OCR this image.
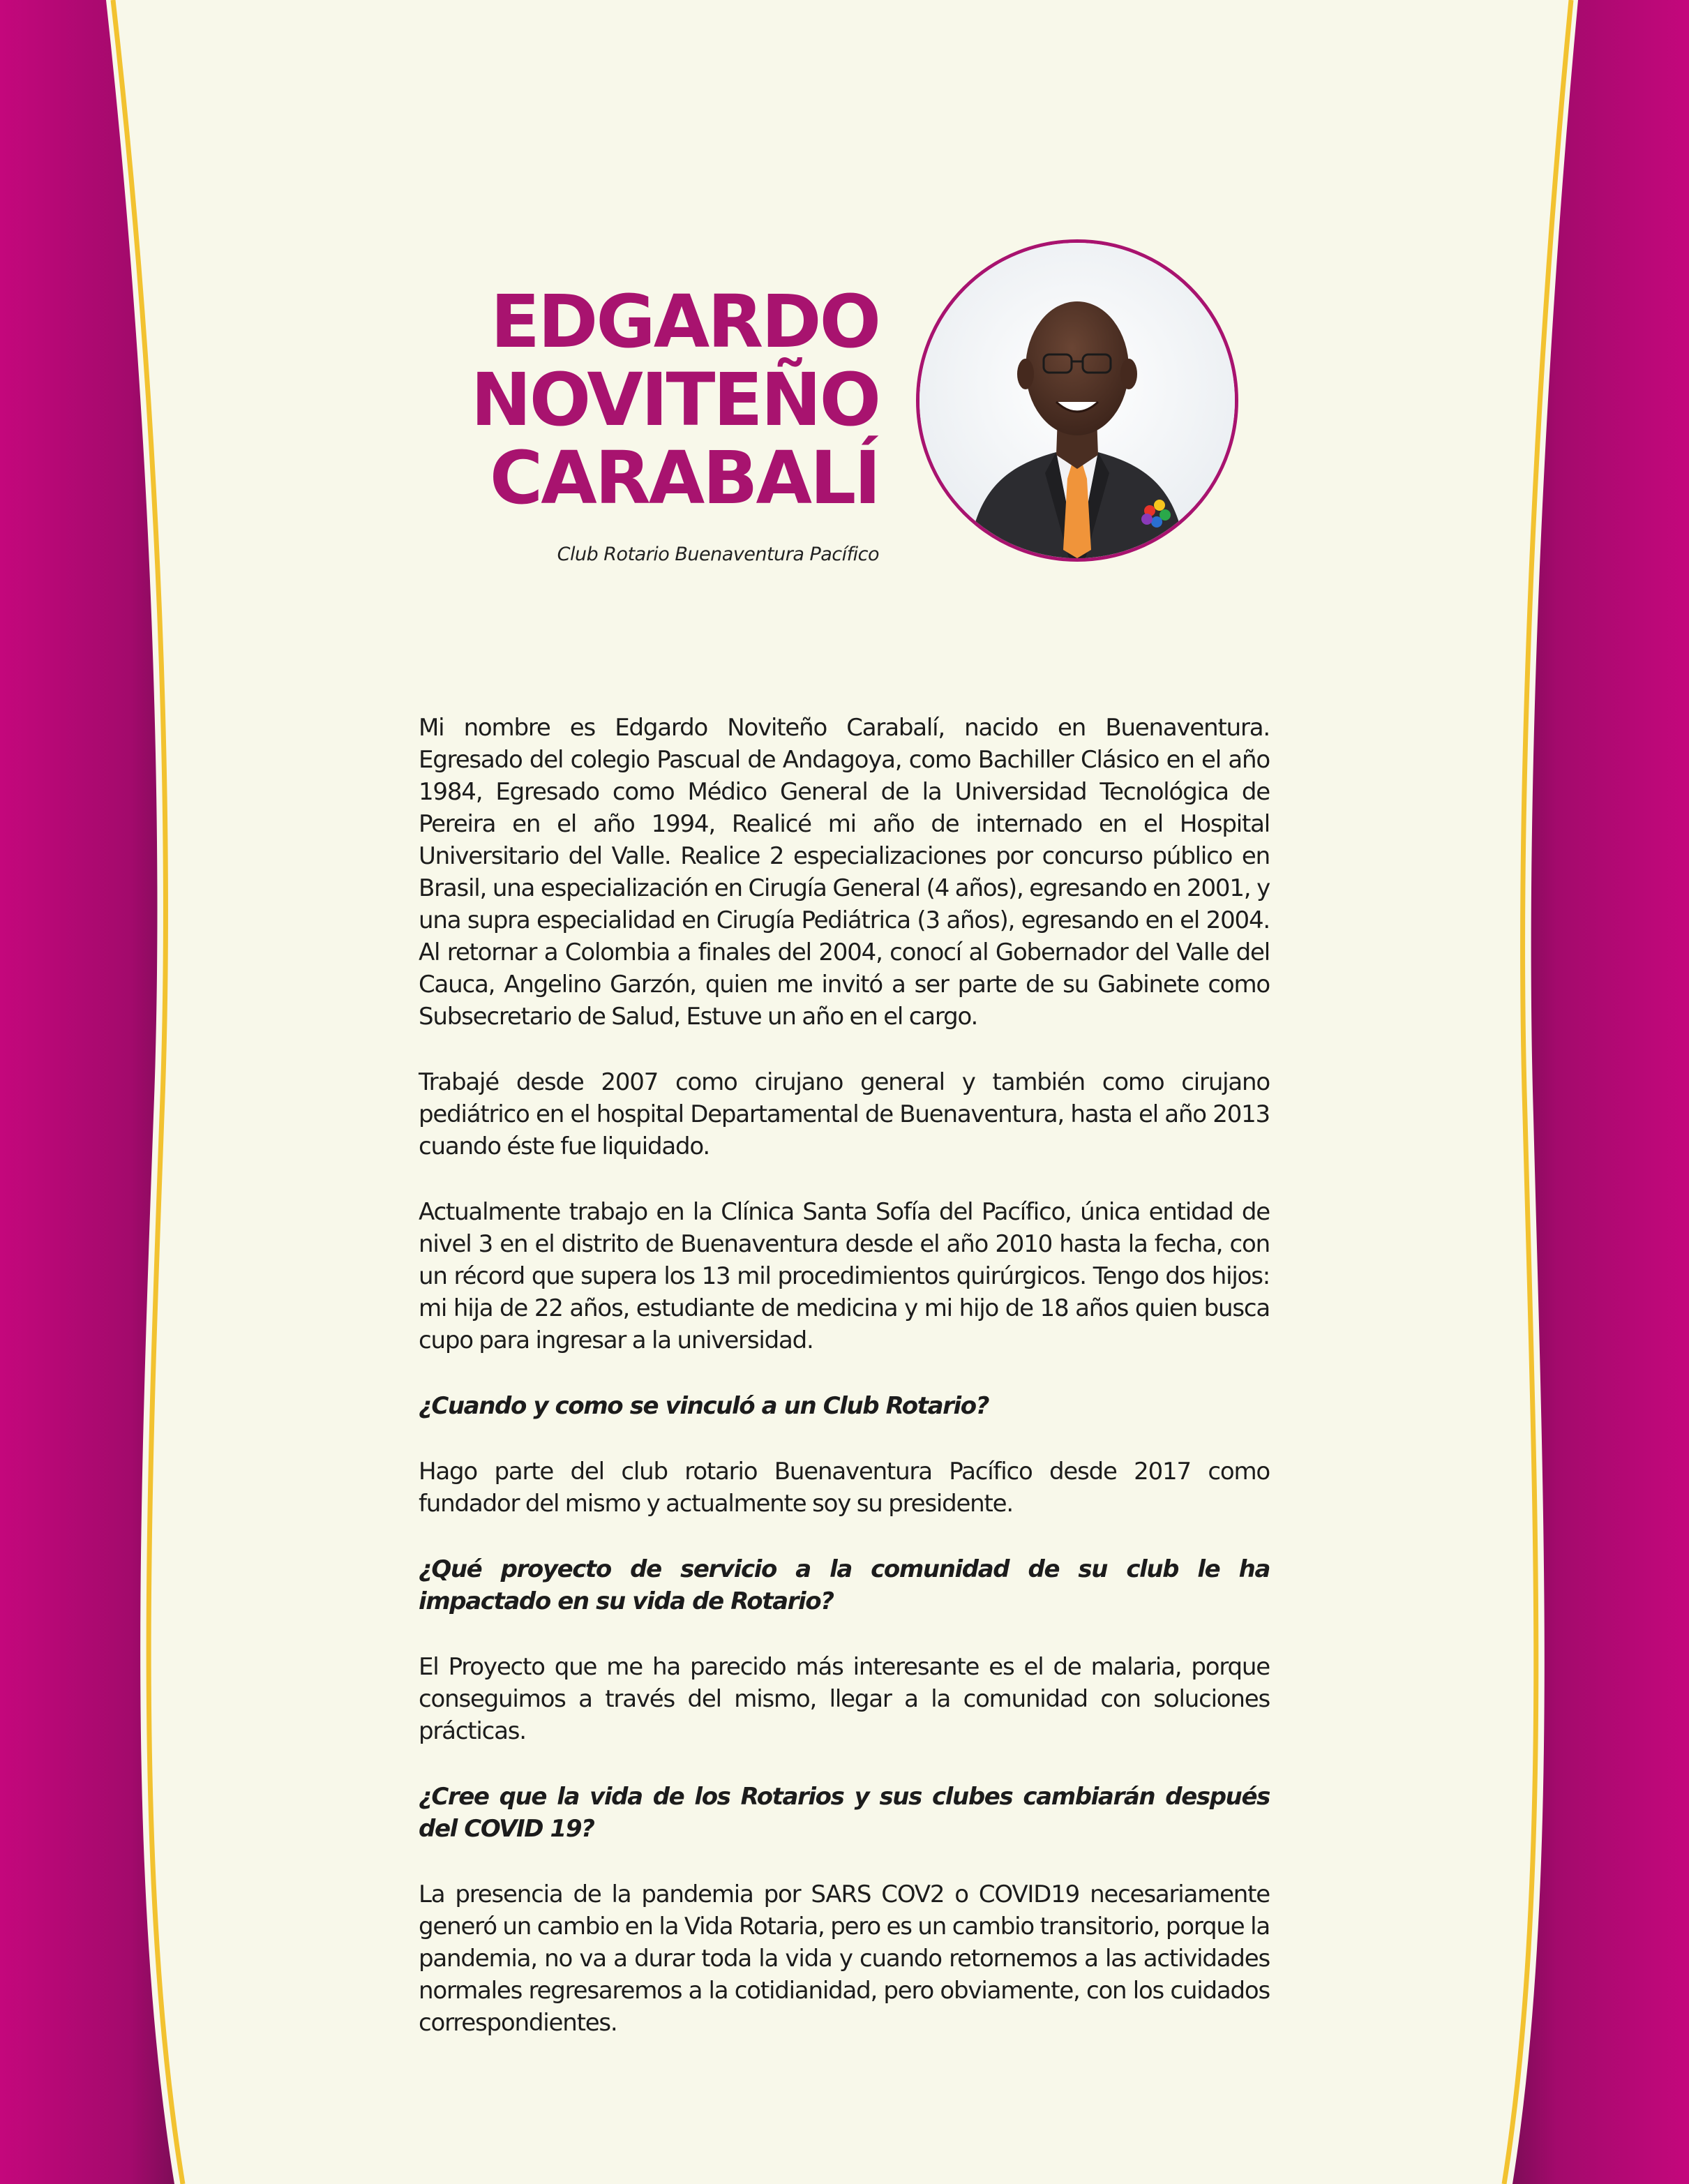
EDGARDO
NOVITEÑO
CARABALÍ
Club Rotario Buenaventura Pacífico

Mi nombre es Edgardo Noviteño Carabalí, nacido en Buenaventura. Egresado del colegio Pascual de Andagoya, como Bachiller Clásico en el año 1984, Egresado como Médico General de la Universidad Tecnológica de Pereira en el año 1994, Realicé mi año de internado en el Hospital Universitario del Valle. Realice 2 especializaciones por concurso público en Brasil, una especialización en Cirugía General (4 años), egresando en 2001, y una supra especialidad en Cirugía Pediátrica (3 años), egresando en el 2004. Al retornar a Colombia a finales del 2004, conocí al Gobernador del Valle del Cauca, Angelino Garzón, quien me invitó a ser parte de su Gabinete como Subsecretario de Salud, Estuve un año en el cargo.

Trabajé desde 2007 como cirujano general y también como cirujano pediátrico en el hospital Departamental de Buenaventura, hasta el año 2013 cuando éste fue liquidado.

Actualmente trabajo en la Clínica Santa Sofía del Pacífico, única entidad de nivel 3 en el distrito de Buenaventura desde el año 2010 hasta la fecha, con un récord que supera los 13 mil procedimientos quirúrgicos. Tengo dos hijos: mi hija de 22 años, estudiante de medicina y mi hijo de 18 años quien busca cupo para ingresar a la universidad.

¿Cuando y como se vinculó a un Club Rotario?

Hago parte del club rotario Buenaventura Pacífico desde 2017 como fundador del mismo y actualmente soy su presidente.

¿Qué proyecto de servicio a la comunidad de su club le ha impactado en su vida de Rotario?

El Proyecto que me ha parecido más interesante es el de malaria, porque conseguimos a través del mismo, llegar a la comunidad con soluciones prácticas.

¿Cree que la vida de los Rotarios y sus clubes cambiarán después del COVID 19?

La presencia de la pandemia por SARS COV2 o COVID19 necesariamente generó un cambio en la Vida Rotaria, pero es un cambio transitorio, porque la pandemia, no va a durar toda la vida y cuando retornemos a las actividades normales regresaremos a la cotidianidad, pero obviamente, con los cuidados correspondientes.
